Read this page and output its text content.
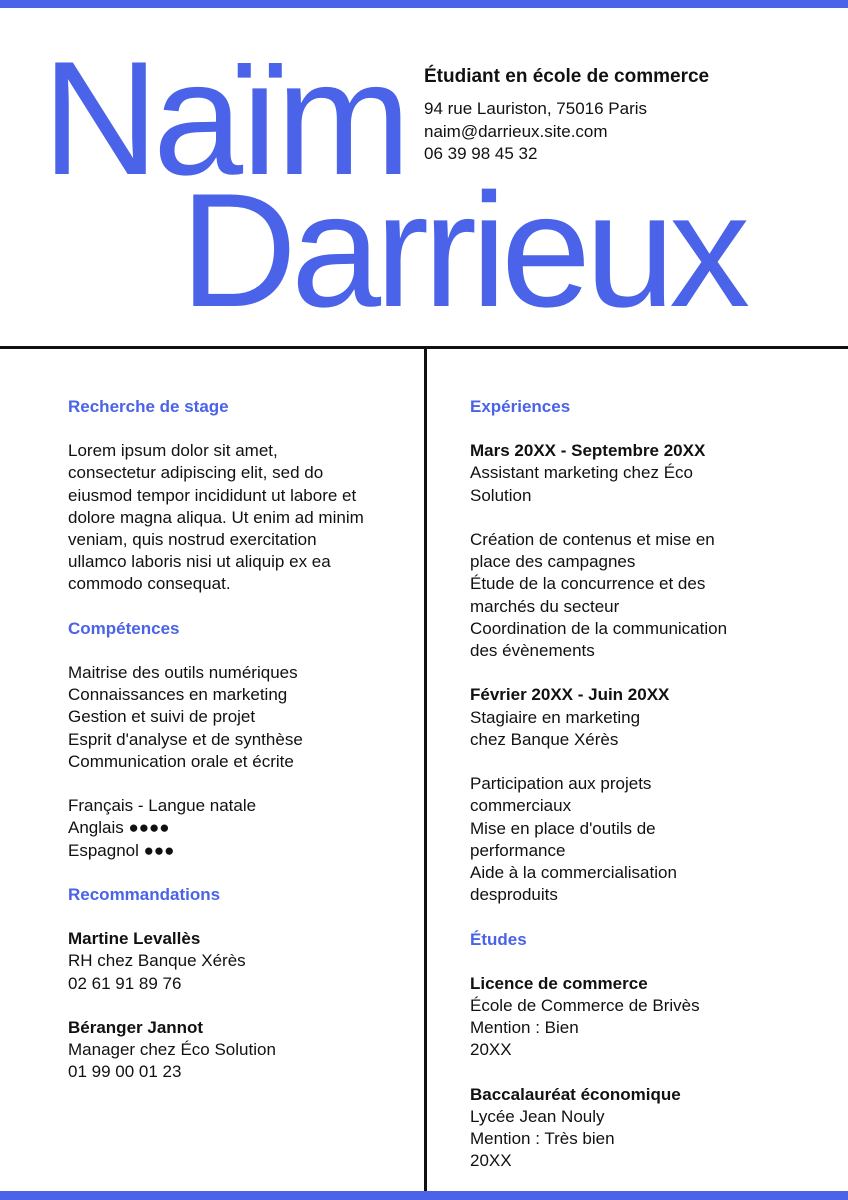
Naïm
Darrieux
Étudiant en école de commerce
94 rue Lauriston, 75016 Paris
naim@darrieux.site.com
06 39 98 45 32
Recherche de stage
Lorem ipsum dolor sit amet,
consectetur adipiscing elit, sed do
eiusmod tempor incididunt ut labore et
dolore magna aliqua. Ut enim ad minim
veniam, quis nostrud exercitation
ullamco laboris nisi ut aliquip ex ea
commodo consequat.
Compétences
Maitrise des outils numériques
Connaissances en marketing
Gestion et suivi de projet
Esprit d'analyse et de synthèse
Communication orale et écrite
Français - Langue natale
Anglais ●●●●
Espagnol ●●●
Recommandations
Martine Levallès
RH chez Banque Xérès
02 61 91 89 76
Béranger Jannot
Manager chez Éco Solution
01 99 00 01 23
Expériences
Mars 20XX - Septembre 20XX
Assistant marketing chez Éco
Solution
Création de contenus et mise en
place des campagnes
Étude de la concurrence et des
marchés du secteur
Coordination de la communication
des évènements
Février 20XX - Juin 20XX
Stagiaire en marketing
chez Banque Xérès
Participation aux projets
commerciaux
Mise en place d'outils de
performance
Aide à la commercialisation
desproduits
Études
Licence de commerce
École de Commerce de Brivès
Mention : Bien
20XX
Baccalauréat économique
Lycée Jean Nouly
Mention : Très bien
20XX
